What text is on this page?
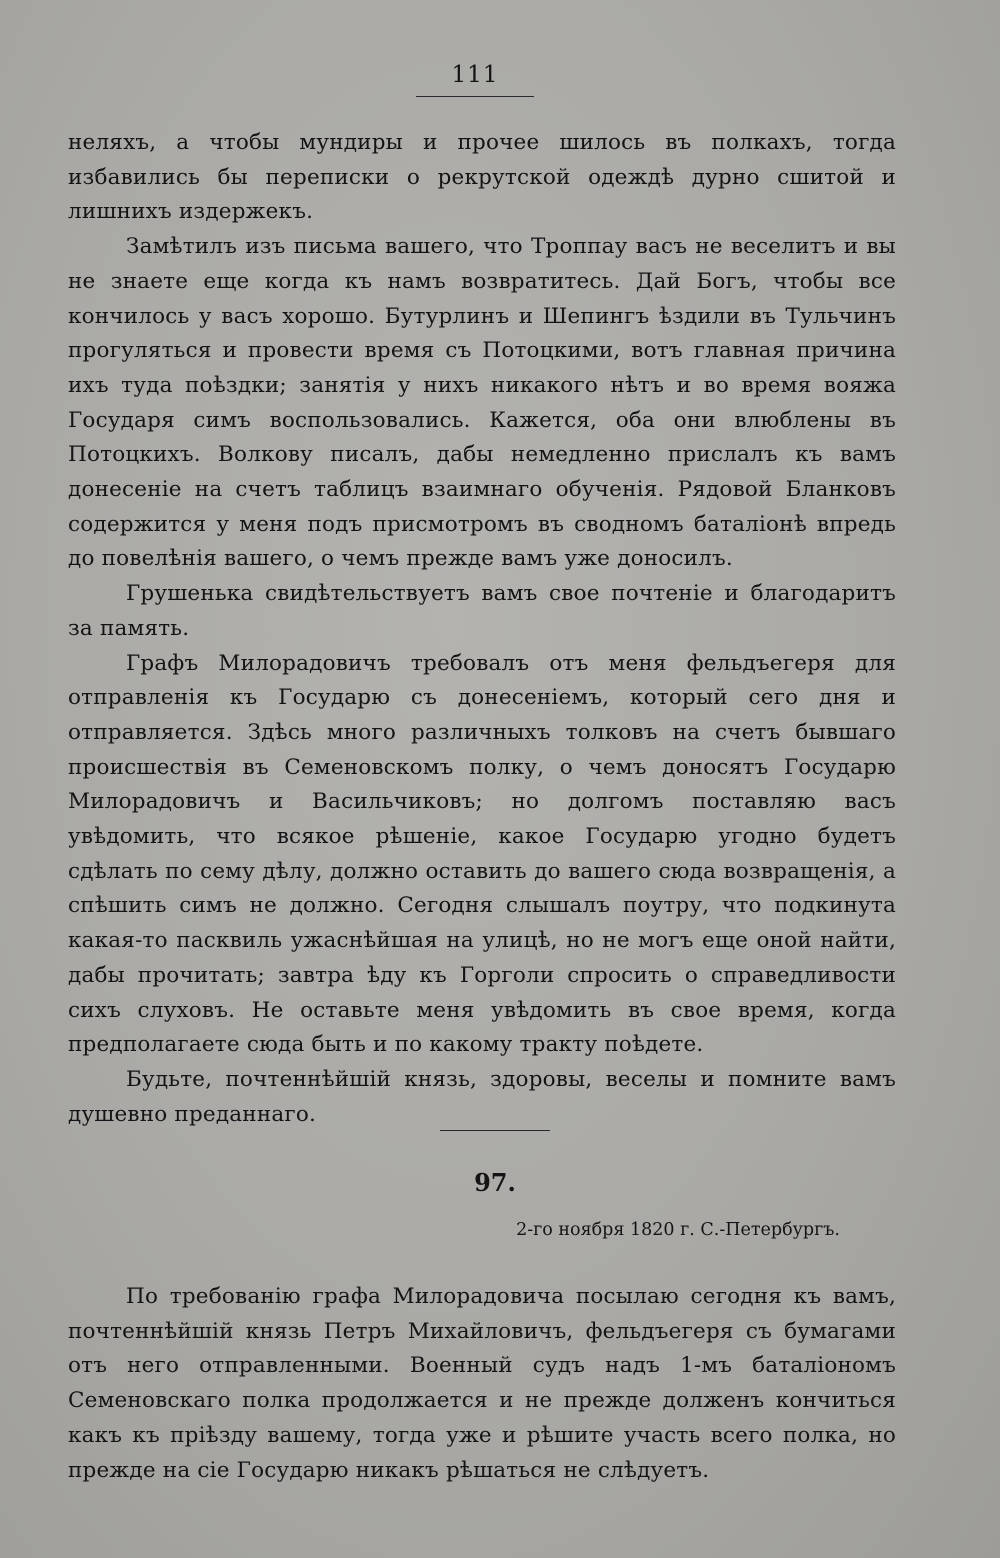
111

неляхъ, а чтобы мундиры и прочее шилось въ полкахъ, тогда избавились бы переписки о рекрутской одеждѣ дурно сшитой и лишнихъ издержекъ.

Замѣтилъ изъ письма вашего, что Троппау васъ не веселитъ и вы не знаете еще когда къ намъ возвратитесь. Дай Богъ, чтобы все кончилось у васъ хорошо. Бутурлинъ и Шепингъ ѣздили въ Тульчинъ прогуляться и провести время съ Потоцкими, вотъ главная причина ихъ туда поѣздки; занятія у нихъ никакого нѣтъ и во время вояжа Государя симъ воспользовались. Кажется, оба они влюблены въ Потоцкихъ. Волкову писалъ, дабы немедленно прислалъ къ вамъ донесеніе на счетъ таблицъ взаимнаго обученія. Рядовой Бланковъ содержится у меня подъ присмотромъ въ сводномъ баталіонѣ впредь до повелѣнія вашего, о чемъ прежде вамъ уже доносилъ.

Грушенька свидѣтельствуетъ вамъ свое почтеніе и благодаритъ за память.

Графъ Милорадовичъ требовалъ отъ меня фельдъегеря для отправленія къ Государю съ донесеніемъ, который сего дня и отправляется. Здѣсь много различныхъ толковъ на счетъ бывшаго происшествія въ Семеновскомъ полку, о чемъ доносятъ Государю Милорадовичъ и Васильчиковъ; но долгомъ поставляю васъ увѣдомить, что всякое рѣшеніе, какое Государю угодно будетъ сдѣлать по сему дѣлу, должно оставить до вашего сюда возвращенія, а спѣшить симъ не должно. Сегодня слышалъ поутру, что подкинута какая-то пасквиль ужаснѣйшая на улицѣ, но не могъ еще оной найти, дабы прочитать; завтра ѣду къ Горголи спросить о справедливости сихъ слуховъ. Не оставьте меня увѣдомить въ свое время, когда предполагаете сюда быть и по какому тракту поѣдете.

Будьте, почтеннѣйшій князь, здоровы, веселы и помните вамъ душевно преданнаго.

97.
2-го ноября 1820 г. С.-Петербургъ.

По требованію графа Милорадовича посылаю сегодня къ вамъ, почтеннѣйшій князь Петръ Михайловичъ, фельдъегеря съ бумагами отъ него отправленными. Военный судъ надъ 1-мъ баталіономъ Семеновскаго полка продолжается и не прежде долженъ кончиться какъ къ пріѣзду вашему, тогда уже и рѣшите участь всего полка, но прежде на сіе Государю никакъ рѣшаться не слѣдуетъ.
